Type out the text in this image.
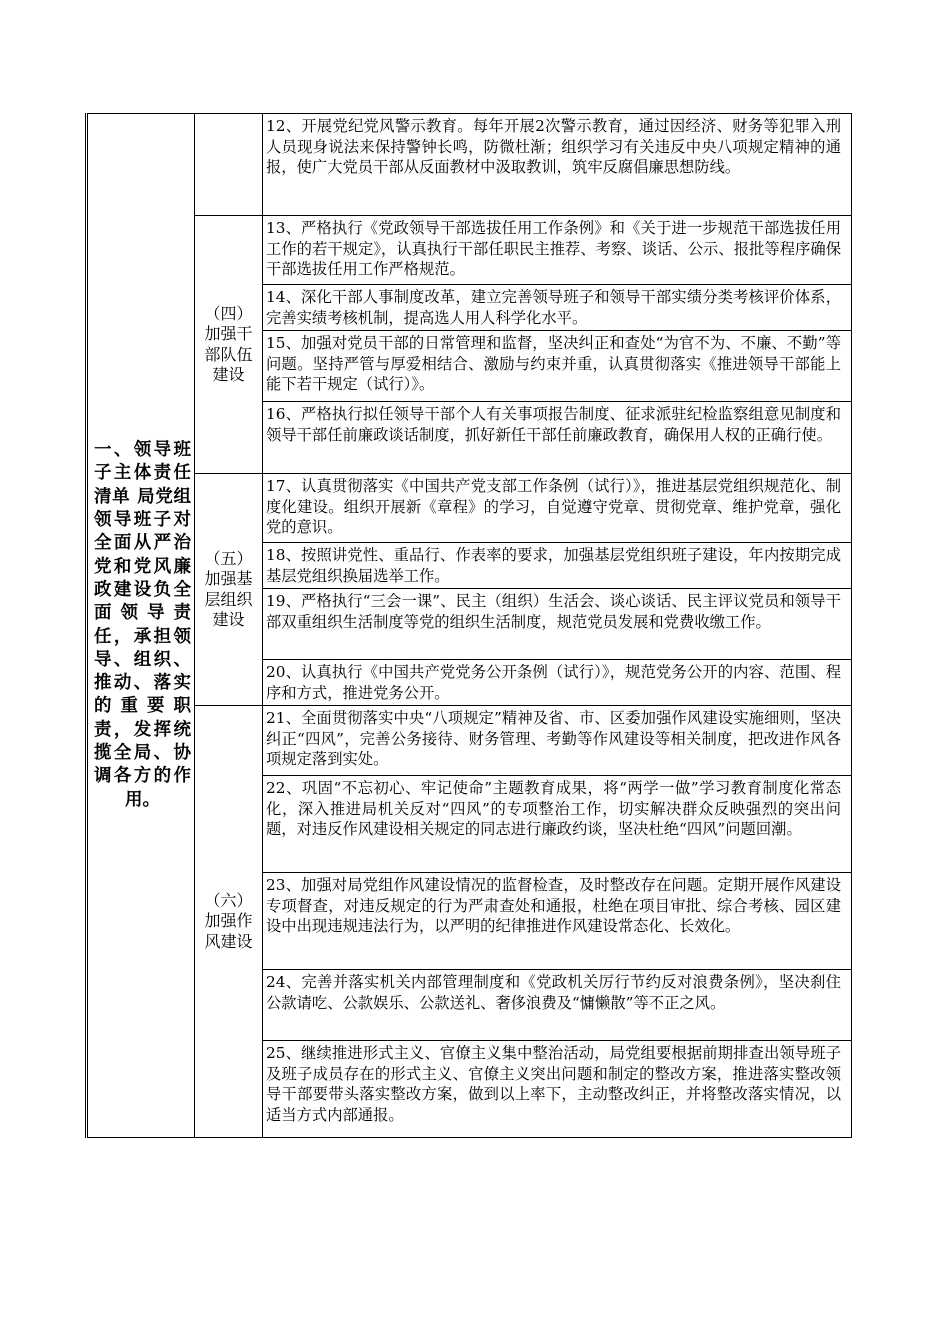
一、领导班子主体责任清单 局党组领导班子对全面从严治党和党风廉政建设负全面领导责任，承担领导、组织、推动、落实的重要职责，发挥统揽全局、协调各方的作用。		12、开展党纪党风警示教育。每年开展2次警示教育，通过因经济、财务等犯罪入刑人员现身说法来保持警钟长鸣，防微杜渐；组织学习有关违反中央八项规定精神的通报，使广大党员干部从反面教材中汲取教训，筑牢反腐倡廉思想防线。
	（四）加强干部队伍建设	13、严格执行《党政领导干部选拔任用工作条例》和《关于进一步规范干部选拔任用工作的若干规定》，认真执行干部任职民主推荐、考察、谈话、公示、报批等程序确保干部选拔任用工作严格规范。
		14、深化干部人事制度改革，建立完善领导班子和领导干部实绩分类考核评价体系，完善实绩考核机制，提高选人用人科学化水平。
		15、加强对党员干部的日常管理和监督，坚决纠正和查处“为官不为、不廉、不勤”等问题。坚持严管与厚爱相结合、激励与约束并重，认真贯彻落实《推进领导干部能上能下若干规定（试行）》。
		16、严格执行拟任领导干部个人有关事项报告制度、征求派驻纪检监察组意见制度和领导干部任前廉政谈话制度，抓好新任干部任前廉政教育，确保用人权的正确行使。
	（五）加强基层组织建设	17、认真贯彻落实《中国共产党支部工作条例（试行）》，推进基层党组织规范化、制度化建设。组织开展新《章程》的学习，自觉遵守党章、贯彻党章、维护党章，强化党的意识。
		18、按照讲党性、重品行、作表率的要求，加强基层党组织班子建设，年内按期完成基层党组织换届选举工作。
		19、严格执行“三会一课”、民主（组织）生活会、谈心谈话、民主评议党员和领导干部双重组织生活制度等党的组织生活制度，规范党员发展和党费收缴工作。
		20、认真执行《中国共产党党务公开条例（试行）》，规范党务公开的内容、范围、程序和方式，推进党务公开。
	（六）加强作风建设	21、全面贯彻落实中央“八项规定”精神及省、市、区委加强作风建设实施细则，坚决纠正“四风”，完善公务接待、财务管理、考勤等作风建设等相关制度，把改进作风各项规定落到实处。
		22、巩固“不忘初心、牢记使命”主题教育成果，将“两学一做”学习教育制度化常态化，深入推进局机关反对“四风”的专项整治工作，切实解决群众反映强烈的突出问题，对违反作风建设相关规定的同志进行廉政约谈，坚决杜绝“四风”问题回潮。
		23、加强对局党组作风建设情况的监督检查，及时整改存在问题。定期开展作风建设专项督查，对违反规定的行为严肃查处和通报，杜绝在项目审批、综合考核、园区建设中出现违规违法行为，以严明的纪律推进作风建设常态化、长效化。
		24、完善并落实机关内部管理制度和《党政机关厉行节约反对浪费条例》，坚决刹住公款请吃、公款娱乐、公款送礼、奢侈浪费及“慵懒散”等不正之风。
		25、继续推进形式主义、官僚主义集中整治活动，局党组要根据前期排查出领导班子及班子成员存在的形式主义、官僚主义突出问题和制定的整改方案，推进落实整改领导干部要带头落实整改方案，做到以上率下，主动整改纠正，并将整改落实情况，以适当方式内部通报。
